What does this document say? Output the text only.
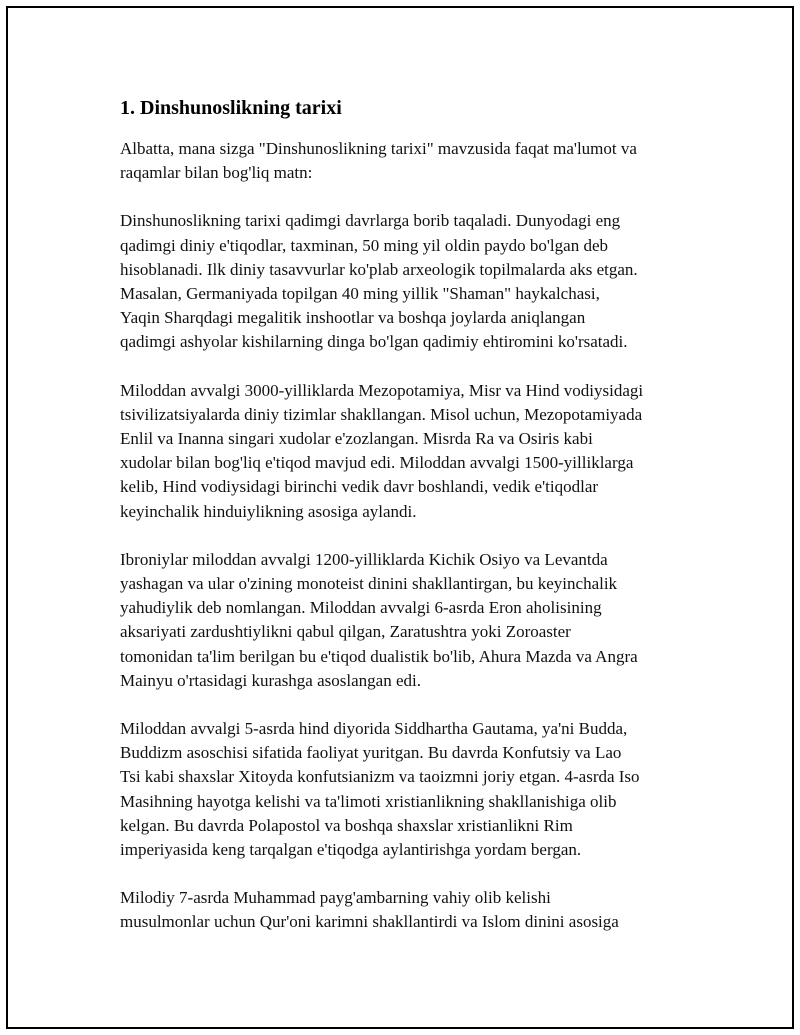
1. Dinshunoslikning tarixi
Albatta, mana sizga "Dinshunoslikning tarixi" mavzusida faqat ma'lumot va
raqamlar bilan bog'liq matn:
Dinshunoslikning tarixi qadimgi davrlarga borib taqaladi. Dunyodagi eng
qadimgi diniy e'tiqodlar, taxminan, 50 ming yil oldin paydo bo'lgan deb
hisoblanadi. Ilk diniy tasavvurlar ko'plab arxeologik topilmalarda aks etgan.
Masalan, Germaniyada topilgan 40 ming yillik "Shaman" haykalchasi,
Yaqin Sharqdagi megalitik inshootlar va boshqa joylarda aniqlangan
qadimgi ashyolar kishilarning dinga bo'lgan qadimiy ehtiromini ko'rsatadi.
Miloddan avvalgi 3000-yilliklarda Mezopotamiya, Misr va Hind vodiysidagi
tsivilizatsiyalarda diniy tizimlar shakllangan. Misol uchun, Mezopotamiyada
Enlil va Inanna singari xudolar e'zozlangan. Misrda Ra va Osiris kabi
xudolar bilan bog'liq e'tiqod mavjud edi. Miloddan avvalgi 1500-yilliklarga
kelib, Hind vodiysidagi birinchi vedik davr boshlandi, vedik e'tiqodlar
keyinchalik hinduiylikning asosiga aylandi.
Ibroniylar miloddan avvalgi 1200-yilliklarda Kichik Osiyo va Levantda
yashagan va ular o'zining monoteist dinini shakllantirgan, bu keyinchalik
yahudiylik deb nomlangan. Miloddan avvalgi 6-asrda Eron aholisining
aksariyati zardushtiylikni qabul qilgan, Zaratushtra yoki Zoroaster
tomonidan ta'lim berilgan bu e'tiqod dualistik bo'lib, Ahura Mazda va Angra
Mainyu o'rtasidagi kurashga asoslangan edi.
Miloddan avvalgi 5-asrda hind diyorida Siddhartha Gautama, ya'ni Budda,
Buddizm asoschisi sifatida faoliyat yuritgan. Bu davrda Konfutsiy va Lao
Tsi kabi shaxslar Xitoyda konfutsianizm va taoizmni joriy etgan. 4-asrda Iso
Masihning hayotga kelishi va ta'limoti xristianlikning shakllanishiga olib
kelgan. Bu davrda Polapostol va boshqa shaxslar xristianlikni Rim
imperiyasida keng tarqalgan e'tiqodga aylantirishga yordam bergan.
Milodiy 7-asrda Muhammad payg'ambarning vahiy olib kelishi
musulmonlar uchun Qur'oni karimni shakllantirdi va Islom dinini asosiga
